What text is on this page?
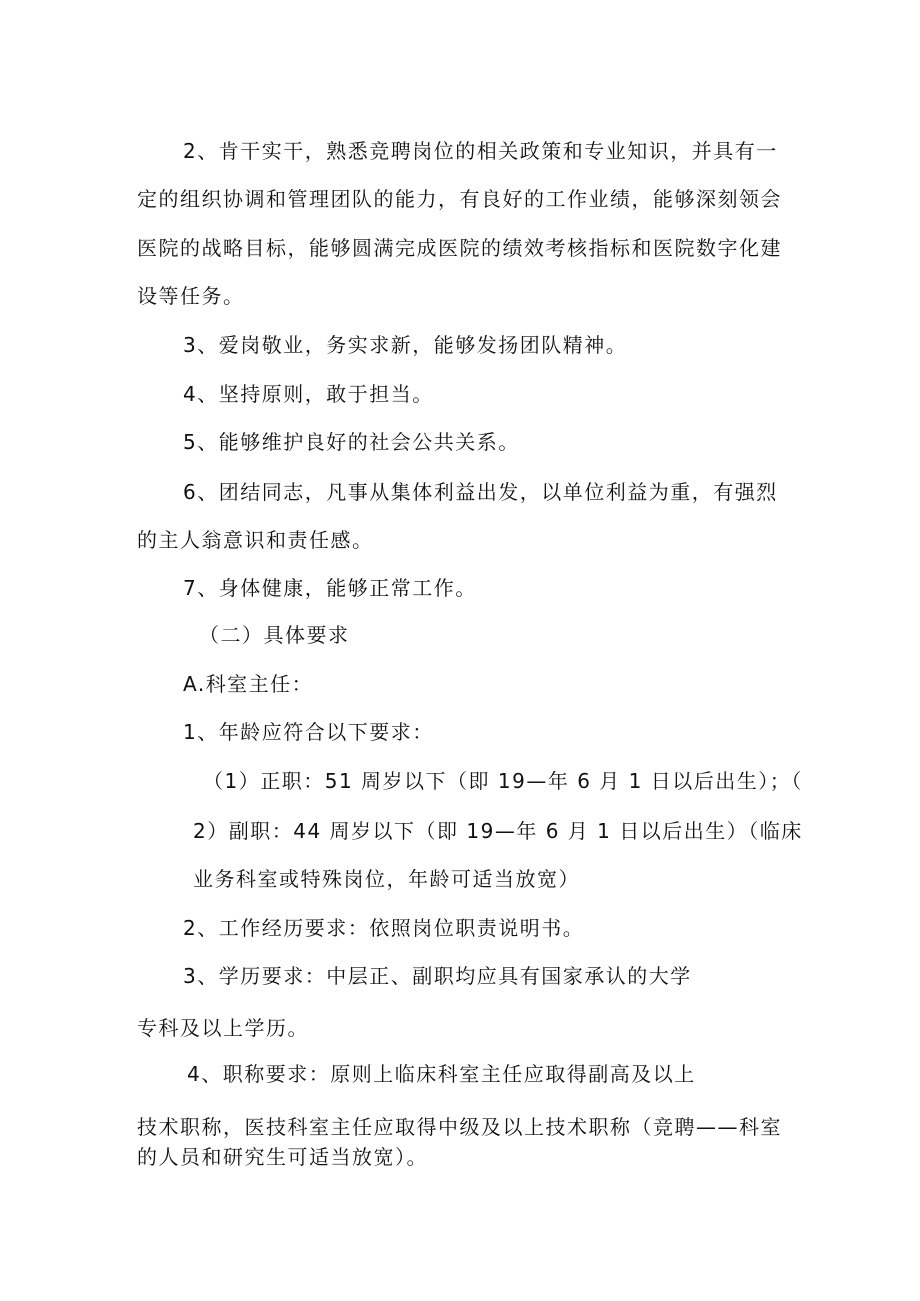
2、肯干实干，熟悉竞聘岗位的相关政策和专业知识，并具有一

定的组织协调和管理团队的能力，有良好的工作业绩，能够深刻领会

医院的战略目标，能够圆满完成医院的绩效考核指标和医院数字化建

设等任务。

3、爱岗敬业，务实求新，能够发扬团队精神。

4、坚持原则，敢于担当。

5、能够维护良好的社会公共关系。

6、团结同志，凡事从集体利益出发，以单位利益为重，有强烈

的主人翁意识和责任感。

7、身体健康，能够正常工作。

（二）具体要求

A.科室主任：

1、年龄应符合以下要求：

（1）正职：51 周岁以下（即 19—年 6 月 1 日以后出生）；（

2）副职：44 周岁以下（即 19—年 6 月 1 日以后出生）（临床

业务科室或特殊岗位，年龄可适当放宽）

2、工作经历要求：依照岗位职责说明书。

3、学历要求：中层正、副职均应具有国家承认的大学

专科及以上学历。

4、职称要求：原则上临床科室主任应取得副高及以上

技术职称，医技科室主任应取得中级及以上技术职称（竞聘——科室

的人员和研究生可适当放宽）。
